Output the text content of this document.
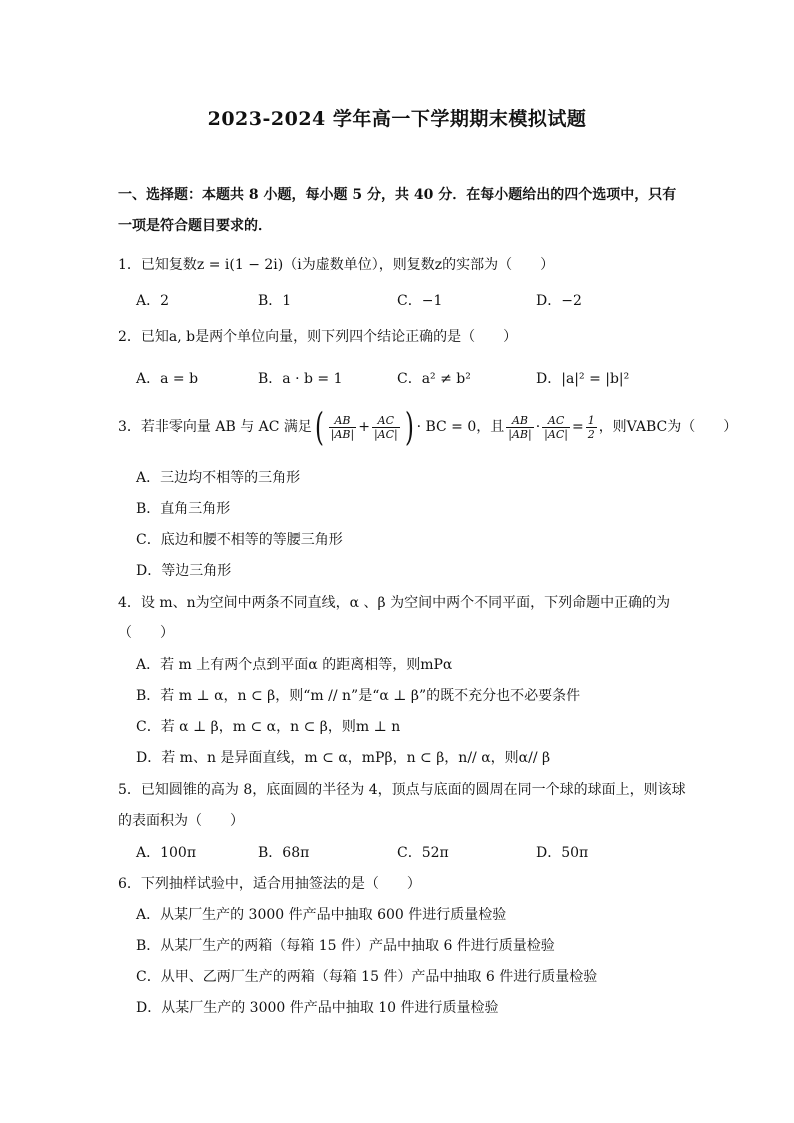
2023-2024 学年高一下学期期末模拟试题
一、选择题：本题共 8 小题，每小题 5 分，共 40 分．在每小题给出的四个选项中，只有一项是符合题目要求的．
1．已知复数z = i(1 − 2i)（i为虚数单位），则复数z的实部为（　　）
A．2	B．1	C．−1	D．−2
2．已知a, b是两个单位向量，则下列四个结论正确的是（　　）
A．a = b	B．a · b = 1	C．a² ≠ b²	D．|a|² = |b|²
3．若非零向量 AB 与 AC 满足( $\frac{AB}{|AB|} + \frac{AC}{|AC|}$ ) · BC = 0，且 $\frac{AB}{|AB|} \cdot \frac{AC}{|AC|} = \frac{1}{2}$ ，则VABC为（　　）
A．三边均不相等的三角形
B．直角三角形
C．底边和腰不相等的等腰三角形
D．等边三角形
4．设 m、n为空间中两条不同直线，α 、β 为空间中两个不同平面，下列命题中正确的为
（　　）
A．若 m 上有两个点到平面α 的距离相等，则mPα
B．若 m ⊥ α，n ⊂ β，则“m // n”是“α ⊥ β”的既不充分也不必要条件
C．若 α ⊥ β，m ⊂ α，n ⊂ β，则m ⊥ n
D．若 m、n 是异面直线，m ⊂ α，mPβ，n ⊂ β，n// α，则α// β
5．已知圆锥的高为 8，底面圆的半径为 4，顶点与底面的圆周在同一个球的球面上，则该球
的表面积为（　　）
A．100π	B．68π	C．52π	D．50π
6．下列抽样试验中，适合用抽签法的是（　　）
A．从某厂生产的 3000 件产品中抽取 600 件进行质量检验
B．从某厂生产的两箱（每箱 15 件）产品中抽取 6 件进行质量检验
C．从甲、乙两厂生产的两箱（每箱 15 件）产品中抽取 6 件进行质量检验
D．从某厂生产的 3000 件产品中抽取 10 件进行质量检验
